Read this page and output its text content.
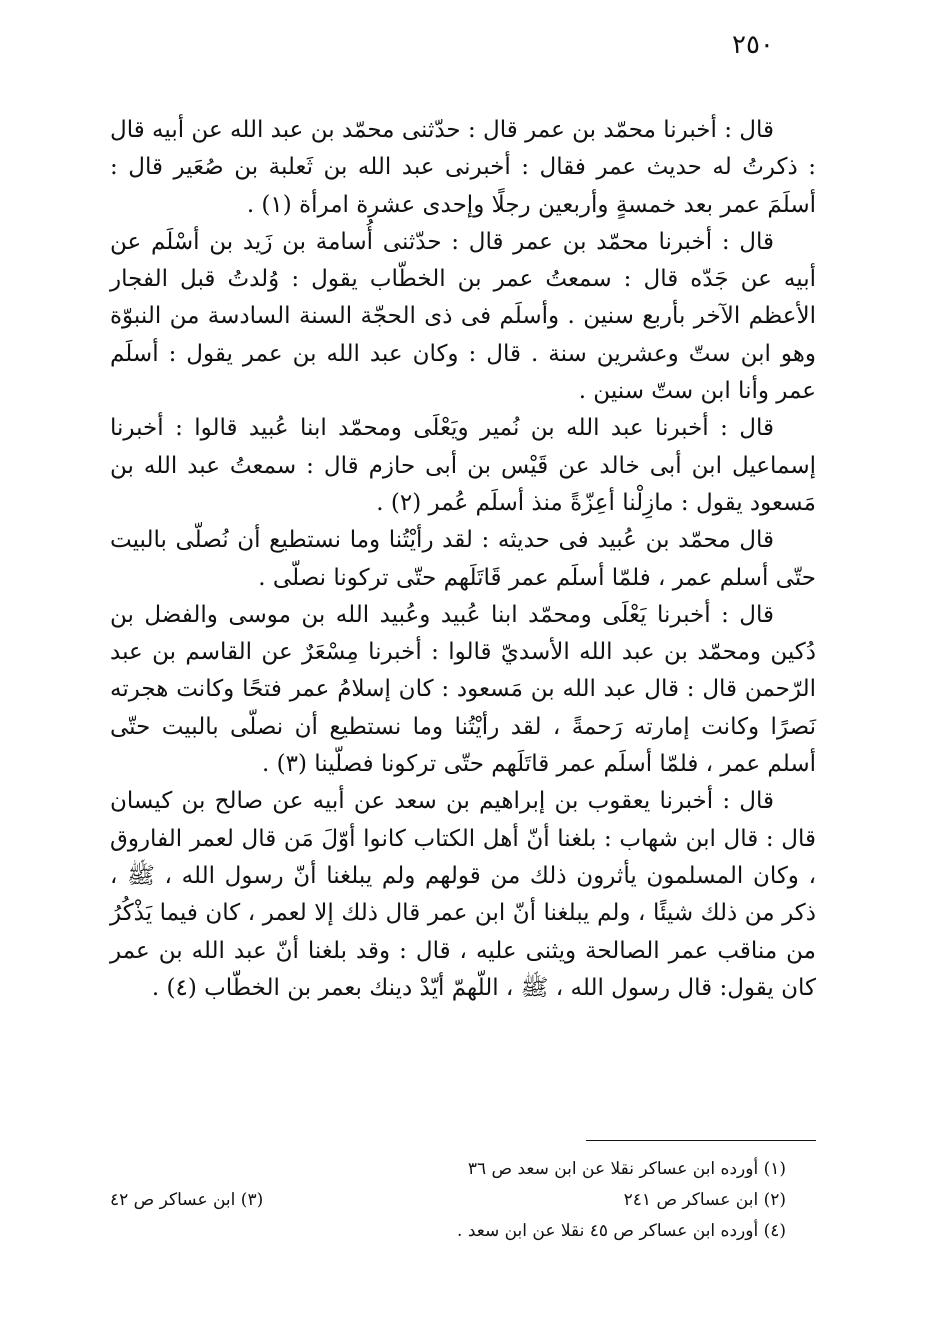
٢٥٠

قال : أخبرنا محمّد بن عمر قال : حدّثنى محمّد بن عبد الله عن أبيه قال : ذكرتُ له حديث عمر فقال : أخبرنى عبد الله بن ثَعلبة بن صُعَير قال : أسلَمَ عمر بعد خمسةٍ وأربعين رجلًا وإحدى عشرة امرأة (١) .

قال : أخبرنا محمّد بن عمر قال : حدّثنى أُسامة بن زَيد بن أسْلَم عن أبيه عن جَدّه قال : سمعتُ عمر بن الخطّاب يقول : وُلدتُ قبل الفجار الأعظم الآخر بأربع سنين . وأسلَم فى ذى الحجّة السنة السادسة من النبوّة وهو ابن ستّ وعشرين سنة . قال : وكان عبد الله بن عمر يقول : أسلَم عمر وأنا ابن ستّ سنين .

قال : أخبرنا عبد الله بن نُمير ويَعْلَى ومحمّد ابنا عُبيد قالوا : أخبرنا إسماعيل ابن أبى خالد عن قَيْس بن أبى حازم قال : سمعتُ عبد الله بن مَسعود يقول : مازِلْنا أعِزّةً منذ أسلَم عُمر (٢) .

قال محمّد بن عُبيد فى حديثه : لقد رأيْتُنا وما نستطيع أن نُصلّى بالبيت حتّى أسلم عمر ، فلمّا أسلَم عمر قَاتَلَهم حتّى تركونا نصلّى .

قال : أخبرنا يَعْلَى ومحمّد ابنا عُبيد وعُبيد الله بن موسى والفضل بن دُكين ومحمّد بن عبد الله الأسديّ قالوا : أخبرنا مِسْعَرٌ عن القاسم بن عبد الرّحمن قال : قال عبد الله بن مَسعود : كان إسلامُ عمر فتحًا وكانت هجرته نَصرًا وكانت إمارته رَحمةً ، لقد رأيْتُنا وما نستطيع أن نصلّى بالبيت حتّى أسلم عمر ، فلمّا أسلَم عمر قاتَلَهم حتّى تركونا فصلّينا (٣) .

قال : أخبرنا يعقوب بن إبراهيم بن سعد عن أبيه عن صالح بن كيسان قال : قال ابن شهاب : بلغنا أنّ أهل الكتاب كانوا أوّلَ مَن قال لعمر الفاروق ، وكان المسلمون يأثرون ذلك من قولهم ولم يبلغنا أنّ رسول الله ، ﷺ ، ذكر من ذلك شيئًا ، ولم يبلغنا أنّ ابن عمر قال ذلك إلا لعمر ، كان فيما يَذْكُرُ من مناقب عمر الصالحة ويثنى عليه ، قال : وقد بلغنا أنّ عبد الله بن عمر كان يقول: قال رسول الله ، ﷺ ، اللّهمّ أيّدْ دينك بعمر بن الخطّاب (٤) .

(١) أورده ابن عساكر نقلا عن ابن سعد ص ٣٦
(٢) ابن عساكر ص ٢٤١
(٣) ابن عساكر ص ٤٢
(٤) أورده ابن عساكر ص ٤٥ نقلا عن ابن سعد .
